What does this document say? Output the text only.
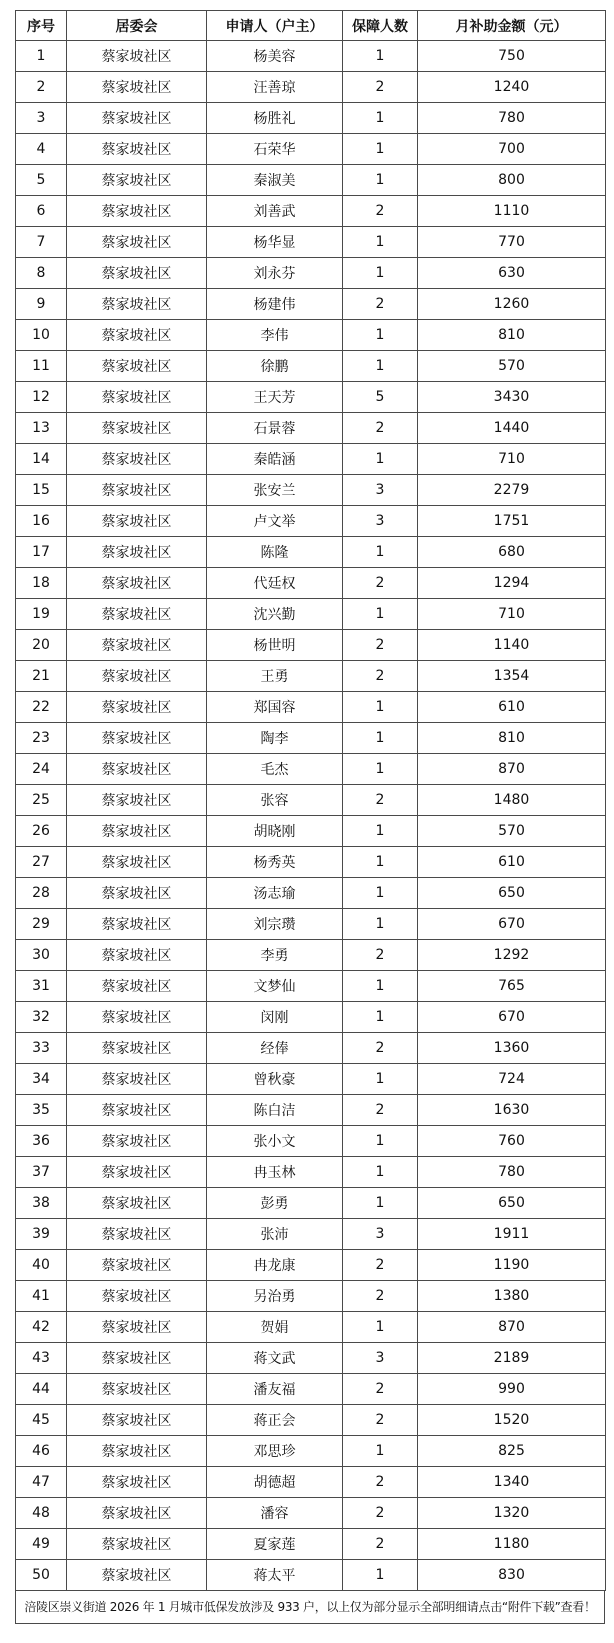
序号	居委会	申请人（户主）	保障人数	月补助金额（元）
1	蔡家坡社区	杨美容	1	750
2	蔡家坡社区	汪善琼	2	1240
3	蔡家坡社区	杨胜礼	1	780
4	蔡家坡社区	石荣华	1	700
5	蔡家坡社区	秦淑美	1	800
6	蔡家坡社区	刘善武	2	1110
7	蔡家坡社区	杨华显	1	770
8	蔡家坡社区	刘永芬	1	630
9	蔡家坡社区	杨建伟	2	1260
10	蔡家坡社区	李伟	1	810
11	蔡家坡社区	徐鹏	1	570
12	蔡家坡社区	王天芳	5	3430
13	蔡家坡社区	石景蓉	2	1440
14	蔡家坡社区	秦皓涵	1	710
15	蔡家坡社区	张安兰	3	2279
16	蔡家坡社区	卢文举	3	1751
17	蔡家坡社区	陈隆	1	680
18	蔡家坡社区	代廷权	2	1294
19	蔡家坡社区	沈兴勤	1	710
20	蔡家坡社区	杨世明	2	1140
21	蔡家坡社区	王勇	2	1354
22	蔡家坡社区	郑国容	1	610
23	蔡家坡社区	陶李	1	810
24	蔡家坡社区	毛杰	1	870
25	蔡家坡社区	张容	2	1480
26	蔡家坡社区	胡晓刚	1	570
27	蔡家坡社区	杨秀英	1	610
28	蔡家坡社区	汤志瑜	1	650
29	蔡家坡社区	刘宗瓒	1	670
30	蔡家坡社区	李勇	2	1292
31	蔡家坡社区	文梦仙	1	765
32	蔡家坡社区	闵刚	1	670
33	蔡家坡社区	经俸	2	1360
34	蔡家坡社区	曾秋豪	1	724
35	蔡家坡社区	陈白洁	2	1630
36	蔡家坡社区	张小文	1	760
37	蔡家坡社区	冉玉林	1	780
38	蔡家坡社区	彭勇	1	650
39	蔡家坡社区	张沛	3	1911
40	蔡家坡社区	冉龙康	2	1190
41	蔡家坡社区	另治勇	2	1380
42	蔡家坡社区	贺娟	1	870
43	蔡家坡社区	蒋文武	3	2189
44	蔡家坡社区	潘友福	2	990
45	蔡家坡社区	蒋正会	2	1520
46	蔡家坡社区	邓思珍	1	825
47	蔡家坡社区	胡德超	2	1340
48	蔡家坡社区	潘容	2	1320
49	蔡家坡社区	夏家莲	2	1180
50	蔡家坡社区	蒋太平	1	830
涪陵区崇义街道 2026 年 1 月城市低保发放涉及 933 户，以上仅为部分显示全部明细请点击“附件下载”查看！
